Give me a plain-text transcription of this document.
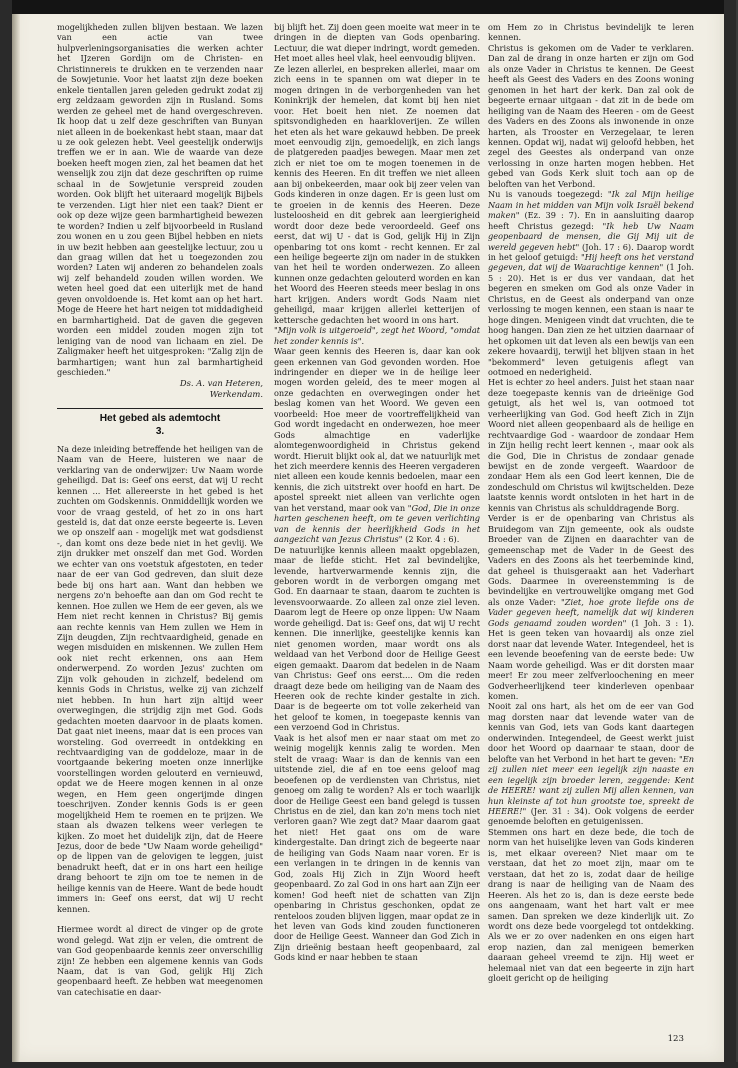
mogelijkheden zullen blijven bestaan. We lazen van een actie van twee hulpverleningsorganisaties die werken achter het IJzeren Gordijn om de Christen- en Christinnereis te drukken en te verzenden naar de Sowjetunie. Voor het laatst zijn deze boeken enkele tientallen jaren geleden gedrukt zodat zij erg zeldzaam geworden zijn in Rusland. Soms werden ze geheel met de hand overgeschreven. Ik hoop dat u zelf deze geschriften van Bunyan niet alleen in de boekenkast hebt staan, maar dat u ze ook gelezen hebt. Veel geestelijk onderwijs treffen we er in aan. Wie de waarde van deze boeken heeft mogen zien, zal het beamen dat het wenselijk zou zijn dat deze geschriften op ruime schaal in de Sowjetunie verspreid zouden worden. Ook blijft het uiteraard mogelijk Bijbels te verzenden. Ligt hier niet een taak? Dient er ook op deze wijze geen barmhartigheid bewezen te worden? Indien u zelf bijvoorbeeld in Rusland zou wonen en u zou geen Bijbel hebben en niets in uw bezit hebben aan geestelijke lectuur, zou u dan graag willen dat het u toegezonden zou worden? Laten wij anderen zo behandelen zoals wij zelf behandeld zouden willen worden. We weten heel goed dat een uiterlijk met de hand geven onvoldoende is. Het komt aan op het hart. Moge de Heere het hart neigen tot middadigheid en barmhartigheid. Dat de gaven die gegeven worden een middel zouden mogen zijn tot leniging van de nood van lichaam en ziel. De Zaligmaker heeft het uitgesproken: "Zalig zijn de barmhartigen; want hun zal barmhartigheid geschieden."

Ds. A. van Heteren,
Werkendam.
Het gebed als ademtocht
3.

Na deze inleiding betreffende het heiligen van de Naam van de Heere, luisteren we naar de verklaring van de onderwijzer: Uw Naam worde geheiligd. Dat is: Geef ons eerst, dat wij U recht kennen ... Het allereerste in het gebed is het zuchten om Godskennis. Onmiddellijk worden we voor de vraag gesteld, of het zo in ons hart gesteld is, dat dat onze eerste begeerte is. Leven we op onszelf aan - mogelijk met wat godsdienst -, dan komt ons deze bede niet in het gevlij. We zijn drukker met onszelf dan met God. Worden we echter van ons voetstuk afgestoten, en teder naar de eer van God gedreven, dan sluit deze bede bij ons hart aan. Want dan hebben we nergens zo'n behoefte aan dan om God recht te kennen. Hoe zullen we Hem de eer geven, als we Hem niet recht kennen in Christus? Bij gemis aan rechte kennis van Hem zullen we Hem in Zijn deugden, Zijn rechtvaardigheid, genade en wegen misduiden en miskennen. We zullen Hem ook niet recht erkennen, ons aan Hem onderwerpend. Zo worden Jezus' zuchten om Zijn volk gehouden in zichzelf, bedelend om kennis Gods in Christus, welke zij van zichzelf niet hebben. In hun hart zijn altijd weer overwegingen, die strijdig zijn met God. Gods gedachten moeten daarvoor in de plaats komen. Dat gaat niet ineens, maar dat is een proces van worsteling. God overreedt in ontdekking en rechtvaardiging van de goddeloze, maar in de voortgaande bekering moeten onze innerlijke voorstellingen worden gelouterd en vernieuwd, opdat we de Heere mogen kennen in al onze wegen, en Hem geen ongerijmde dingen toeschrijven. Zonder kennis Gods is er geen mogelijkheid Hem te roemen en te prijzen. We staan als dwazen telkens weer verlegen te kijken. Zo moet het duidelijk zijn, dat de Heere Jezus, door de bede "Uw Naam worde geheiligd" op de lippen van de gelovigen te leggen, juist benadrukt heeft, dat er in ons hart een heilige drang behoort te zijn om toe te nemen in de heilige kennis van de Heere. Want de bede houdt immers in: Geef ons eerst, dat wij U recht kennen.

Hiermee wordt al direct de vinger op de grote wond gelegd. Wat zijn er velen, die omtrent de van God geopenbaarde kennis zeer onverschillig zijn! Ze hebben een algemene kennis van Gods Naam, dat is van God, gelijk Hij Zich geopenbaard heeft. Ze hebben wat meegenomen van catechisatie en daar-

bij blijft het. Zij doen geen moeite wat meer in te dringen in de diepten van Gods openbaring. Lectuur, die wat dieper indringt, wordt gemeden. Het moet alles heel vlak, heel eenvoudig blijven.

Ze lezen allerlei, en bespreken allerlei, maar om zich eens in te spannen om wat dieper in te mogen dringen in de verborgenheden van het Koninkrijk der hemelen, dat komt bij hen niet voor. Het boeit hen niet. Ze noemen dat spitsvondigheden en haarkloverijen. Ze willen het eten als het ware gekauwd hebben. De preek moet eenvoudig zijn, gemoedelijk, en zich langs de platgereden paadjes bewegen. Maar men zet zich er niet toe om te mogen toenemen in de kennis des Heeren. En dit treffen we niet alleen aan bij onbekeerden, maar ook bij zeer velen van Gods kinderen in onze dagen. Er is geen lust om te groeien in de kennis des Heeren. Deze lusteloosheid en dit gebrek aan leergierigheid wordt door deze bede veroordeeld. Geef ons eerst, dat wij U - dat is God, gelijk Hij in Zijn openbaring tot ons komt - recht kennen. Er zal een heilige begeerte zijn om nader in de stukken van het heil te worden onderwezen. Zo alleen kunnen onze gedachten gelouterd worden en kan het Woord des Heeren steeds meer beslag in ons hart krijgen. Anders wordt Gods Naam niet geheiligd, maar krijgen allerlei ketterijen of kettersche gedachten het woord in ons hart.

"Mijn volk is uitgeroeid", zegt het Woord, "omdat het zonder kennis is".

Waar geen kennis des Heeren is, daar kan ook geen erkennen van God gevonden worden. Hoe indringender en dieper we in de heilige leer mogen worden geleid, des te meer mogen al onze gedachten en overwegingen onder het beslag komen van het Woord. We geven een voorbeeld: Hoe meer de voortreffelijkheid van God wordt ingedacht en onderwezen, hoe meer Gods almachtige en vaderlijke alomtegenwoordigheid in Christus gekend wordt. Hieruit blijkt ook al, dat we natuurlijk met het zich meerdere kennis des Heeren vergaderen niet alleen een koude kennis bedoelen, maar een kennis, die zich uitstrekt over hoofd en hart. De apostel spreekt niet alleen van verlichte ogen van het verstand, maar ook van "God, Die in onze harten geschenen heeft, om te geven verlichting van de kennis der heerlijkheid Gods in het aangezicht van Jezus Christus" (2 Kor. 4 : 6).

De natuurlijke kennis alleen maakt opgeblazen, maar de liefde sticht. Het zal bevindelijke, levende, hartverwarmende kennis zijn, die geboren wordt in de verborgen omgang met God. En daarnaar te staan, daarom te zuchten is levensvoorwaarde. Zo alleen zal onze ziel leven. Daarom legt de Heere op onze lippen: Uw Naam worde geheiligd. Dat is: Geef ons, dat wij U recht kennen. Die innerlijke, geestelijke kennis kan niet genomen worden, maar wordt ons als weldaad van het Verbond door de Heilige Geest eigen gemaakt. Daarom dat bedelen in de Naam van Christus: Geef ons eerst.... Om die reden draagt deze bede om heiliging van de Naam des Heeren ook de rechte kinder gestalte in zich. Daar is de begeerte om tot volle zekerheid van het geloof te komen, in toegepaste kennis van een verzoend God in Christus.

Vaak is het alsof men er naar staat om met zo weinig mogelijk kennis zalig te worden. Men stelt de vraag: Waar is dan de kennis van een uitstende ziel, die af en toe eens geloof mag beoefenen op de verdiensten van Christus, niet genoeg om zalig te worden? Als er toch waarlijk door de Heilige Geest een band gelegd is tussen Christus en de ziel, dan kan zo'n mens toch niet verloren gaan? Wie zegt dat? Maar daarom gaat het niet! Het gaat ons om de ware kindergestalte. Dan dringt zich de begeerte naar de heiliging van Gods Naam naar voren. Er is een verlangen in te dringen in de kennis van God, zoals Hij Zich in Zijn Woord heeft geopenbaard. Zo zal God in ons hart aan Zijn eer komen! God heeft niet de schatten van Zijn openbaring in Christus geschonken, opdat ze renteloos zouden blijven liggen, maar opdat ze in het leven van Gods kind zouden functioneren door de Heilige Geest. Wanneer dan God Zich in Zijn drieënig bestaan heeft geopenbaard, zal Gods kind er naar hebben te staan

om Hem zo in Christus bevindelijk te leren kennen.

Christus is gekomen om de Vader te verklaren. Dan zal de drang in onze harten er zijn om God als onze Vader in Christus te kennen. De Geest heeft als Geest des Vaders en des Zoons woning genomen in het hart der kerk. Dan zal ook de begeerte ernaar uitgaan - dat zit in de bede om heiliging van de Naam des Heeren - om de Geest des Vaders en des Zoons als inwonende in onze harten, als Trooster en Verzegelaar, te leren kennen. Opdat wij, nadat wij geloofd hebben, het zegel des Geestes als onderpand van onze verlossing in onze harten mogen hebben. Het gebed van Gods Kerk sluit toch aan op de beloften van het Verbond.

Nu is vanouds toegezegd: "Ik zal Mijn heilige Naam in het midden van Mijn volk Israël bekend maken" (Ez. 39 : 7). En in aansluiting daarop heeft Christus gezegd: "Ik heb Uw Naam geopenbaard de mensen, die Gij Mij uit de wereld gegeven hebt" (Joh. 17 : 6). Daarop wordt in het geloof getuigd: "Hij heeft ons het verstand gegeven, dat wij de Waarachtige kennen" (1 Joh. 5 : 20). Het is er dus ver vandaan, dat het begeren en smeken om God als onze Vader in Christus, en de Geest als onderpand van onze verlossing te mogen kennen, een staan is naar te hoge dingen. Menigeen vindt dat vruchten, die te hoog hangen. Dan zien ze het uitzien daarnaar of het opkomen uit dat leven als een bewijs van een zekere hovaardij, terwijl het blijven staan in het "bekommerd" leven getuigenis aflegt van ootmoed en nederigheid.

Het is echter zo heel anders. Juist het staan naar deze toegepaste kennis van de drieënige God getuigt, als het wel is, van ootmoed tot verheerlijking van God. God heeft Zich in Zijn Woord niet alleen geopenbaard als de heilige en rechtvaardige God - waardoor de zondaar Hem in Zijn heilig recht leert kennen -, maar ook als die God, Die in Christus de zondaar genade bewijst en de zonde vergeeft. Waardoor de zondaar Hem als een God leert kennen, Die de zondeschuld om Christus wil kwijtschelden. Deze laatste kennis wordt ontsloten in het hart in de kennis van Christus als schulddragende Borg.

Verder is er de openbaring van Christus als Bruidegom van Zijn gemeente, ook als oudste Broeder van de Zijnen en daarachter van de gemeenschap met de Vader in de Geest des Vaders en des Zoons als het teerbeminde kind, dat geheel is thuisgeraakt aan het Vaderhart Gods. Daarmee in overeenstemming is de bevindelijke en vertrouwelijke omgang met God als onze Vader: "Ziet, hoe grote liefde ons de Vader gegeven heeft, namelijk dat wij kinderen Gods genaamd zouden worden" (1 Joh. 3 : 1). Het is geen teken van hovaardij als onze ziel dorst naar dat levende Water. Integendeel, het is een levende beoefening van de eerste bede: Uw Naam worde geheiligd. Was er dit dorsten maar meer! Er zou meer zelfverloochening en meer Godverheerlijkend teer kinderleven openbaar komen.

Nooit zal ons hart, als het om de eer van God mag dorsten naar dat levende water van de kennis van God, iets van Gods kant daartegen onderwinden. Integendeel, de Geest werkt juist door het Woord op daarnaar te staan, door de belofte van het Verbond in het hart te geven: "En zij zullen niet meer een iegelijk zijn naaste en een iegelijk zijn broeder leren, zeggende: Kent de HEERE! want zij zullen Mij allen kennen, van hun kleinste af tot hun grootste toe, spreekt de HEERE!" (Jer. 31 : 34). Ook volgens de eerder genoemde beloften en getuigenissen.

Stemmen ons hart en deze bede, die toch de norm van het huiselijke leven van Gods kinderen is, met elkaar overeen? Niet maar om te verstaan, dat het zo moet zijn, maar om te verstaan, dat het zo is, zodat daar de heilige drang is naar de heiliging van de Naam des Heeren. Als het zo is, dan is deze eerste bede ons aangenaam, want het hart valt er mee samen. Dan spreken we deze kinderlijk uit. Zo wordt ons deze bede voorgelegd tot ontdekking. Als we er zo over nadenken en ons eigen hart erop nazien, dan zal menigeen bemerken daaraan geheel vreemd te zijn. Hij weet er helemaal niet van dat een begeerte in zijn hart gloeit gericht op de heiliging

123
